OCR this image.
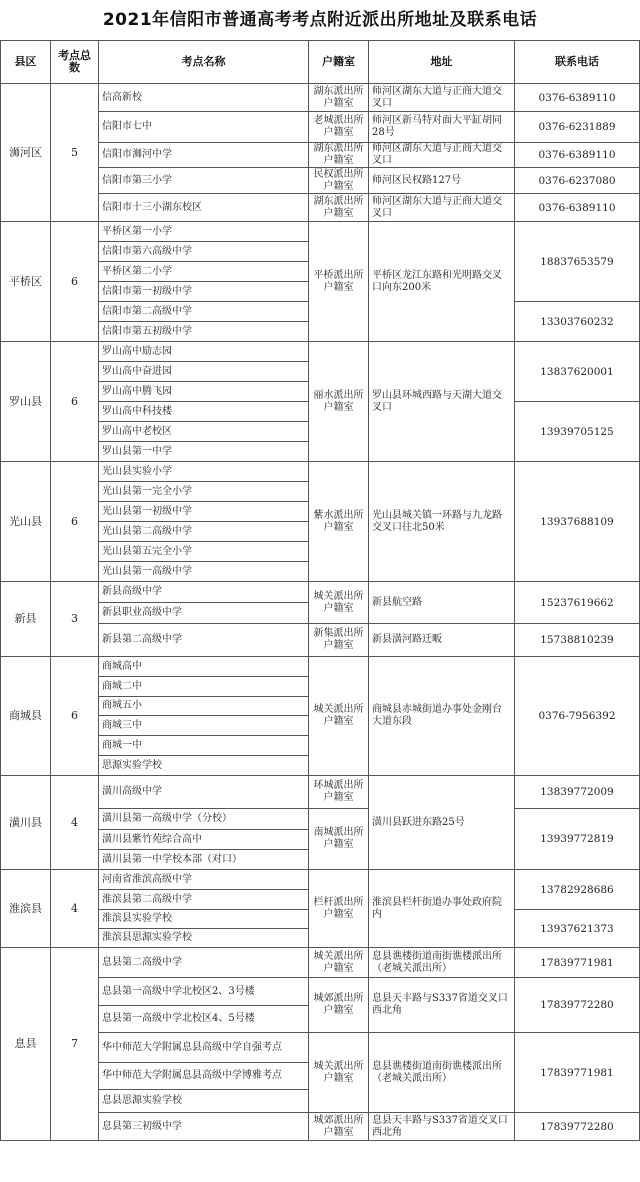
2021年信阳市普通高考考点附近派出所地址及联系电话
县区	考点总数	考点名称	户籍室	地址	联系电话
浉河区	5	信高新校	湖东派出所户籍室	师河区湖东大道与正商大道交叉口	0376-6389110
		信阳市七中	老城派出所户籍室	师河区新马特对面大平缸胡同28号	0376-6231889
		信阳市浉河中学	湖东派出所户籍室	师河区湖东大道与正商大道交叉口	0376-6389110
		信阳市第三小学	民权派出所户籍室	师河区民权路127号	0376-6237080
		信阳市十三小湖东校区	湖东派出所户籍室	师河区湖东大道与正商大道交叉口	0376-6389110
平桥区	6	平桥区第一小学	平桥派出所户籍室	平桥区龙江东路和光明路交叉口向东200米	18837653579
		信阳市第六高级中学			
		平桥区第二小学			
		信阳市第一初级中学			
		信阳市第二高级中学			13303760232
		信阳市第五初级中学			
罗山县	6	罗山高中励志园	丽水派出所户籍室	罗山县环城西路与天湖大道交叉口	13837620001
		罗山高中奋进园			
		罗山高中腾飞园			
		罗山高中科技楼			13939705125
		罗山高中老校区			
		罗山县第一中学			
光山县	6	光山县实验小学	紫水派出所户籍室	光山县城关镇一环路与九龙路交叉口往北50米	13937688109
		光山县第一完全小学			
		光山县第一初级中学			
		光山县第二高级中学			
		光山县第五完全小学			
		光山县第一高级中学			
新县	3	新县高级中学	城关派出所户籍室	新县航空路	15237619662
		新县职业高级中学			
		新县第二高级中学	新集派出所户籍室	新县潢河路迁畈	15738810239
商城县	6	商城高中	城关派出所户籍室	商城县赤城街道办事处金刚台大道东段	0376-7956392
		商城二中			
		商城五小			
		商城三中			
		商城一中			
		思源实验学校			
潢川县	4	潢川高级中学	环城派出所户籍室	潢川县跃进东路25号	13839772009
		潢川县第一高级中学（分校）	南城派出所户籍室		13939772819
		潢川县紫竹苑综合高中			
		潢川县第一中学校本部（对口）			
淮滨县	4	河南省淮滨高级中学	栏杆派出所户籍室	淮滨县栏杆街道办事处政府院内	13782928686
		淮滨县第二高级中学			
		淮滨县实验学校			13937621373
		淮滨县思源实验学校			
息县	7	息县第二高级中学	城关派出所户籍室	息县谯楼街道南街谯楼派出所（老城关派出所）	17839771981
		息县第一高级中学北校区2、3号楼	城郊派出所户籍室	息县天丰路与S337省道交叉口西北角	17839772280
		息县第一高级中学北校区4、5号楼			
		华中师范大学附属息县高级中学自强考点	城关派出所户籍室	息县谯楼街道南街谯楼派出所（老城关派出所）	17839771981
		华中师范大学附属息县高级中学博雅考点			
		息县思源实验学校			
		息县第三初级中学	城郊派出所户籍室	息县天丰路与S337省道交叉口西北角	17839772280
